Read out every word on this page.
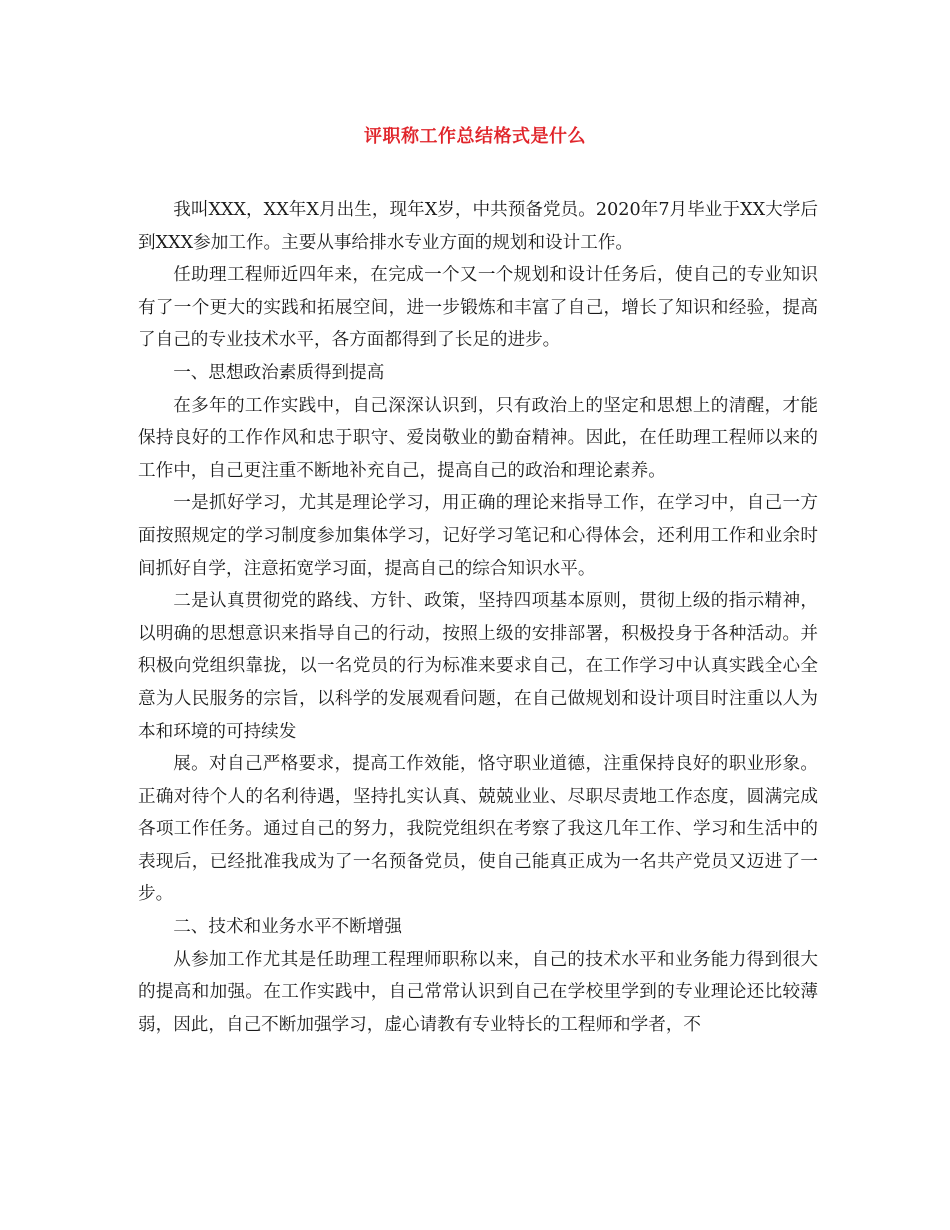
评职称工作总结格式是什么

我叫XXX，XX年X月出生，现年X岁，中共预备党员。2020年7月毕业于XX大学后到XXX参加工作。主要从事给排水专业方面的规划和设计工作。

任助理工程师近四年来，在完成一个又一个规划和设计任务后，使自己的专业知识有了一个更大的实践和拓展空间，进一步锻炼和丰富了自己，增长了知识和经验，提高了自己的专业技术水平，各方面都得到了长足的进步。

一、思想政治素质得到提高

在多年的工作实践中，自己深深认识到，只有政治上的坚定和思想上的清醒，才能保持良好的工作作风和忠于职守、爱岗敬业的勤奋精神。因此，在任助理工程师以来的工作中，自己更注重不断地补充自己，提高自己的政治和理论素养。

一是抓好学习，尤其是理论学习，用正确的理论来指导工作，在学习中，自己一方面按照规定的学习制度参加集体学习，记好学习笔记和心得体会，还利用工作和业余时间抓好自学，注意拓宽学习面，提高自己的综合知识水平。

二是认真贯彻党的路线、方针、政策，坚持四项基本原则，贯彻上级的指示精神，以明确的思想意识来指导自己的行动，按照上级的安排部署，积极投身于各种活动。并积极向党组织靠拢，以一名党员的行为标准来要求自己，在工作学习中认真实践全心全意为人民服务的宗旨，以科学的发展观看问题，在自己做规划和设计项目时注重以人为本和环境的可持续发

展。对自己严格要求，提高工作效能，恪守职业道德，注重保持良好的职业形象。正确对待个人的名利待遇，坚持扎实认真、兢兢业业、尽职尽责地工作态度，圆满完成各项工作任务。通过自己的努力，我院党组织在考察了我这几年工作、学习和生活中的表现后，已经批准我成为了一名预备党员，使自己能真正成为一名共产党员又迈进了一步。

二、技术和业务水平不断增强

从参加工作尤其是任助理工程理师职称以来，自己的技术水平和业务能力得到很大的提高和加强。在工作实践中，自己常常认识到自己在学校里学到的专业理论还比较薄弱，因此，自己不断加强学习，虚心请教有专业特长的工程师和学者，不
